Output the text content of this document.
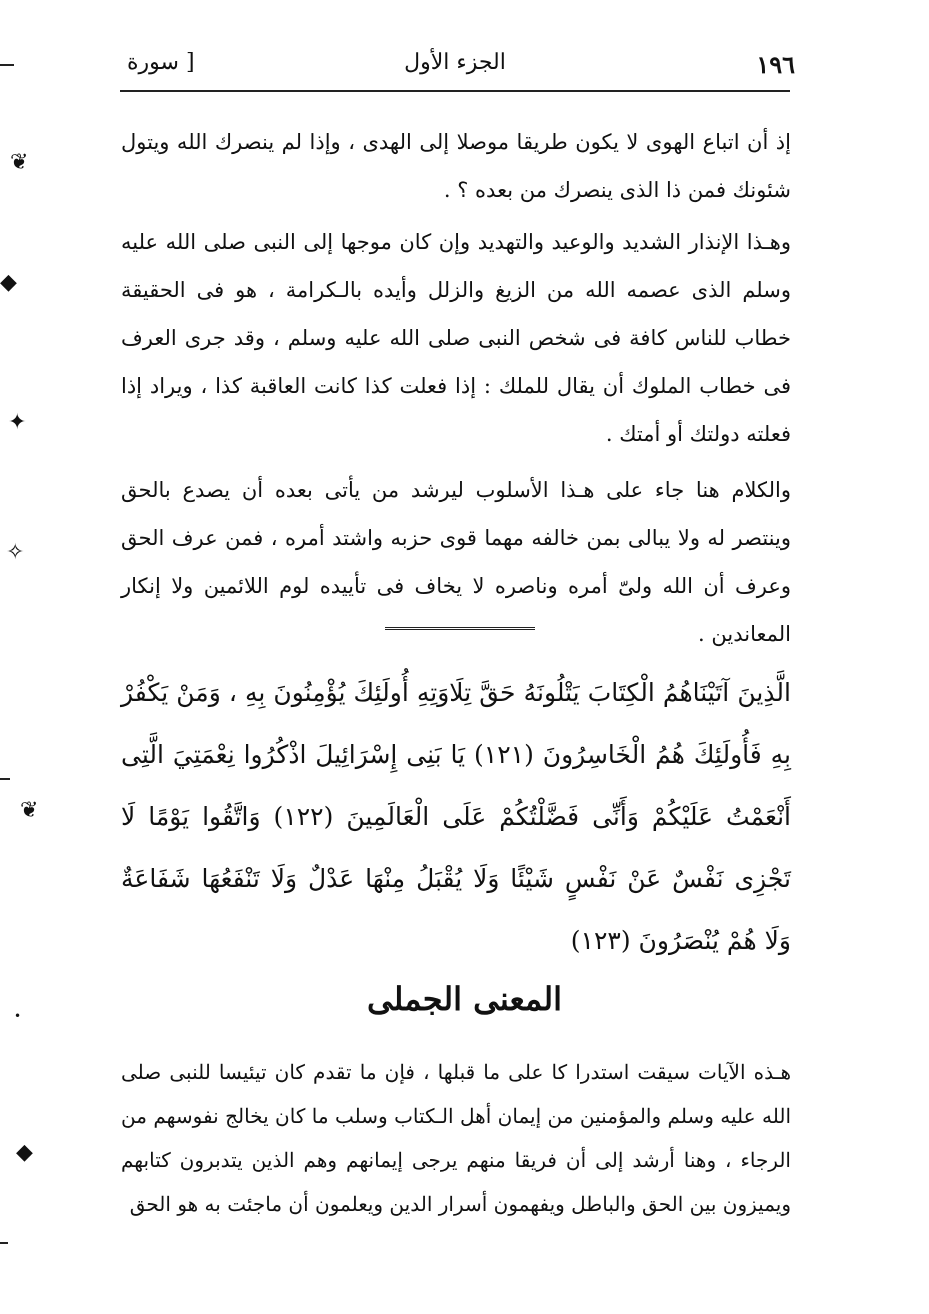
١٩٦
الجزء الأول
[ سورة
إذ أن اتباع الهوى لا يكون طريقا موصلا إلى الهدى ، وإذا لم ينصرك الله ويتول شئونك فمن ذا الذى ينصرك من بعده ؟ .
وهـذا الإنذار الشديد والوعيد والتهديد وإن كان موجها إلى النبى صلى الله عليه وسلم الذى عصمه الله من الزيغ والزلل وأيده بالـكرامة ، هو فى الحقيقة خطاب للناس كافة فى شخص النبى صلى الله عليه وسلم ، وقد جرى العرف فى خطاب الملوك أن يقال للملك : إذا فعلت كذا كانت العاقبة كذا ، ويراد إذا فعلته دولتك أو أمتك .
والكلام هنا جاء على هـذا الأسلوب ليرشد من يأتى بعده أن يصدع بالحق وينتصر له ولا يبالى بمن خالفه مهما قوى حزبه واشتد أمره ، فمن عرف الحق وعرف أن الله ولىّ أمره وناصره لا يخاف فى تأييده لوم اللائمين ولا إنكار المعاندين .
الَّذِينَ آتَيْنَاهُمُ الْكِتَابَ يَتْلُونَهُ حَقَّ تِلَاوَتِهِ أُولَئِكَ يُؤْمِنُونَ بِهِ ، وَمَنْ يَكْفُرْ بِهِ فَأُولَئِكَ هُمُ الْخَاسِرُونَ (١٢١) يَا بَنِى إِسْرَائِيلَ اذْكُرُوا نِعْمَتِيَ الَّتِى أَنْعَمْتُ عَلَيْكُمْ وَأَنِّى فَضَّلْتُكُمْ عَلَى الْعَالَمِينَ (١٢٢) وَاتَّقُوا يَوْمًا لَا تَجْزِى نَفْسٌ عَنْ نَفْسٍ شَيْئًا وَلَا يُقْبَلُ مِنْهَا عَدْلٌ وَلَا تَنْفَعُهَا شَفَاعَةٌ وَلَا هُمْ يُنْصَرُونَ (١٢٣)
المعنى الجملى
هـذه الآيات سيقت استدرا كا على ما قبلها ، فإن ما تقدم كان تيئيسا للنبى صلى الله عليه وسلم والمؤمنين من إيمان أهل الـكتاب وسلب ما كان يخالج نفوسهم من الرجاء ، وهنا أرشد إلى أن فريقا منهم يرجى إيمانهم وهم الذين يتدبرون كتابهم ويميزون بين الحق والباطل ويفهمون أسرار الدين ويعلمون أن ماجئت به هو الحق
❦
◆
✦
✧
❦
•
◆
